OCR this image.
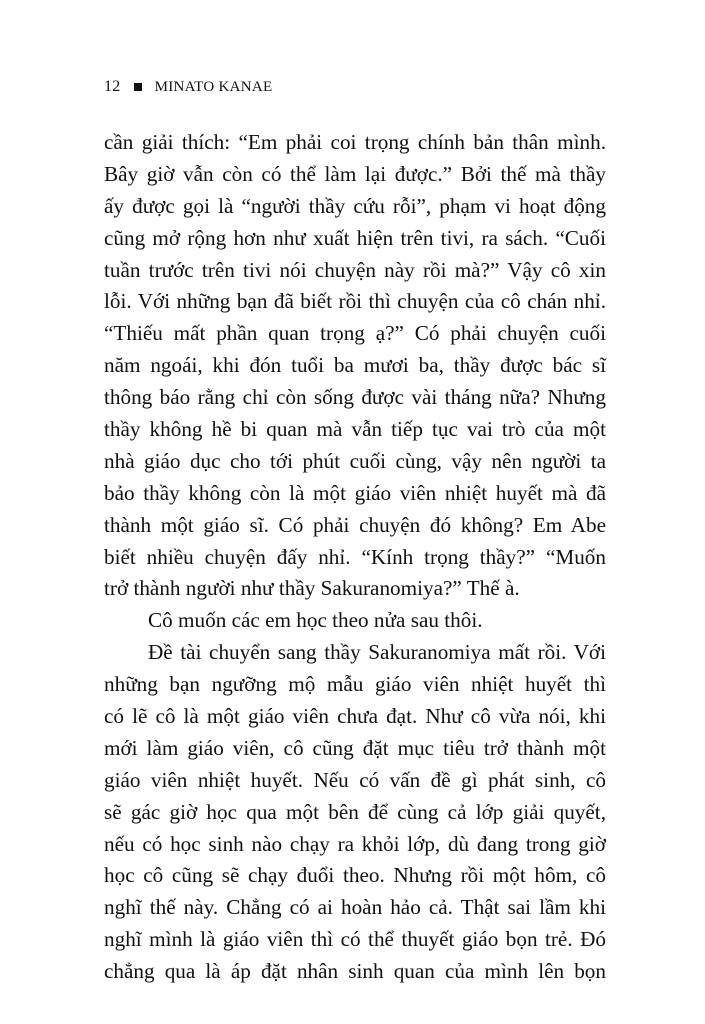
12 MINATO KANAE
cần giải thích: “Em phải coi trọng chính bản thân mình.
Bây giờ vẫn còn có thể làm lại được.” Bởi thế mà thầy
ấy được gọi là “người thầy cứu rỗi”, phạm vi hoạt động
cũng mở rộng hơn như xuất hiện trên tivi, ra sách. “Cuối
tuần trước trên tivi nói chuyện này rồi mà?” Vậy cô xin
lỗi. Với những bạn đã biết rồi thì chuyện của cô chán nhỉ.
“Thiếu mất phần quan trọng ạ?” Có phải chuyện cuối
năm ngoái, khi đón tuổi ba mươi ba, thầy được bác sĩ
thông báo rằng chỉ còn sống được vài tháng nữa? Nhưng
thầy không hề bi quan mà vẫn tiếp tục vai trò của một
nhà giáo dục cho tới phút cuối cùng, vậy nên người ta
bảo thầy không còn là một giáo viên nhiệt huyết mà đã
thành một giáo sĩ. Có phải chuyện đó không? Em Abe
biết nhiều chuyện đấy nhỉ. “Kính trọng thầy?” “Muốn
trở thành người như thầy Sakuranomiya?” Thế à.
Cô muốn các em học theo nửa sau thôi.
Đề tài chuyển sang thầy Sakuranomiya mất rồi. Với
những bạn ngưỡng mộ mẫu giáo viên nhiệt huyết thì
có lẽ cô là một giáo viên chưa đạt. Như cô vừa nói, khi
mới làm giáo viên, cô cũng đặt mục tiêu trở thành một
giáo viên nhiệt huyết. Nếu có vấn đề gì phát sinh, cô
sẽ gác giờ học qua một bên để cùng cả lớp giải quyết,
nếu có học sinh nào chạy ra khỏi lớp, dù đang trong giờ
học cô cũng sẽ chạy đuổi theo. Nhưng rồi một hôm, cô
nghĩ thế này. Chẳng có ai hoàn hảo cả. Thật sai lầm khi
nghĩ mình là giáo viên thì có thể thuyết giáo bọn trẻ. Đó
chẳng qua là áp đặt nhân sinh quan của mình lên bọn
